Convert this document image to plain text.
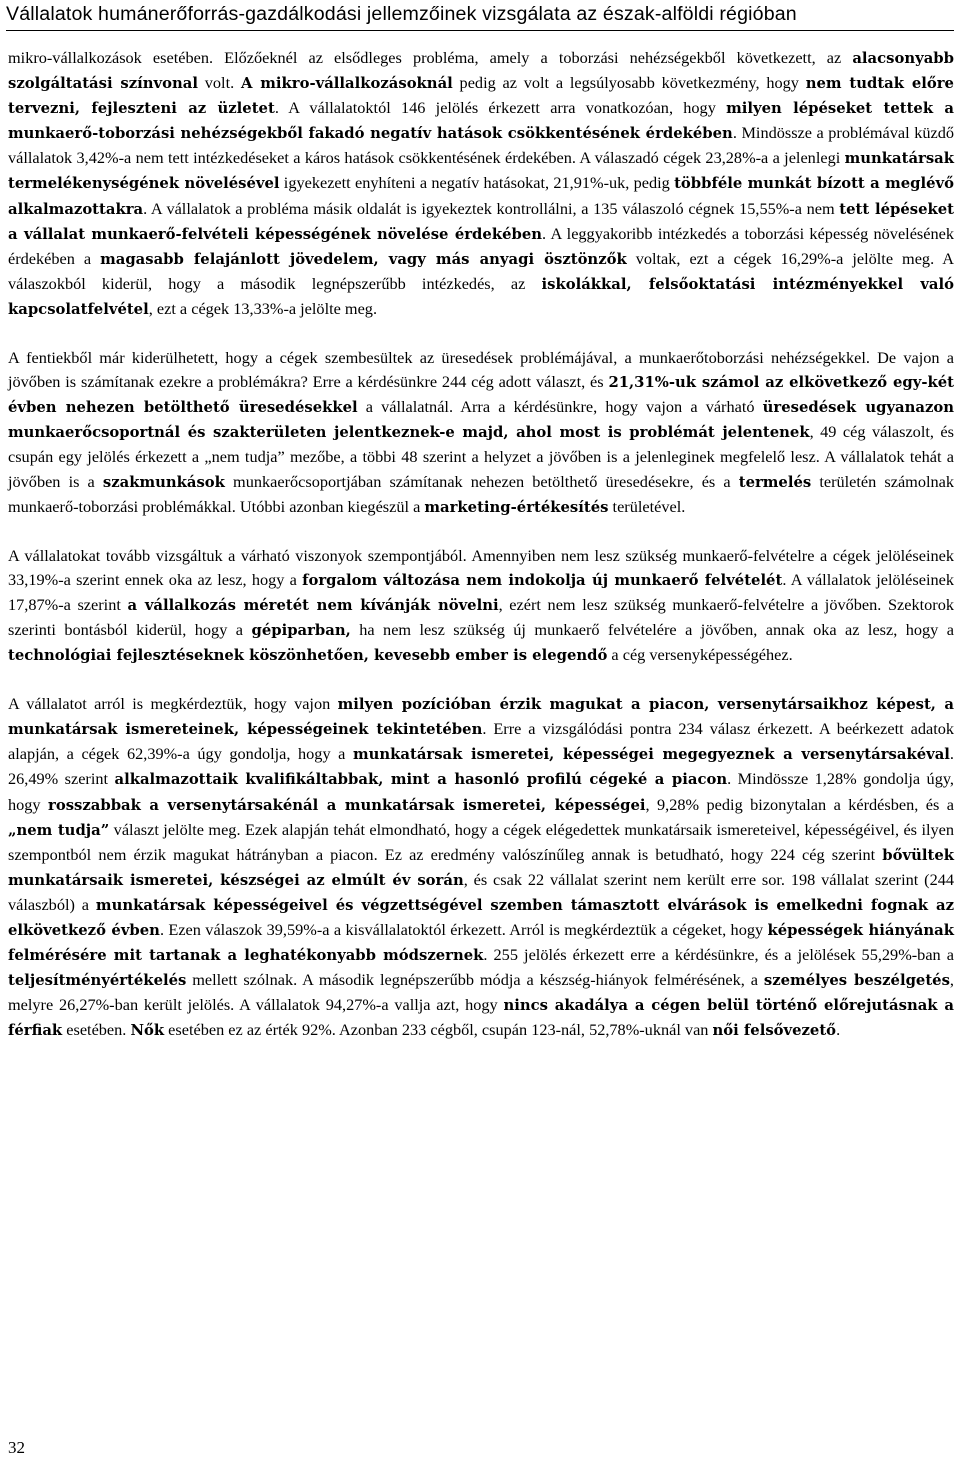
Vállalatok humánerőforrás-gazdálkodási jellemzőinek vizsgálata az észak-alföldi régióban

mikro-vállalkozások esetében. Előzőeknél az elsődleges probléma, amely a toborzási nehézségekből következett, az alacsonyabb szolgáltatási színvonal volt. A mikro-vállalkozásoknál pedig az volt a legsúlyosabb következmény, hogy nem tudtak előre tervezni, fejleszteni az üzletet. A vállalatoktól 146 jelölés érkezett arra vonatkozóan, hogy milyen lépéseket tettek a munkaerő-toborzási nehézségekből fakadó negatív hatások csökkentésének érdekében. Mindössze a problémával küzdő vállalatok 3,42%-a nem tett intézkedéseket a káros hatások csökkentésének érdekében. A válaszadó cégek 23,28%-a a jelenlegi munkatársak termelékenységének növelésével igyekezett enyhíteni a negatív hatásokat, 21,91%-uk, pedig többféle munkát bízott a meglévő alkalmazottakra. A vállalatok a probléma másik oldalát is igyekeztek kontrollálni, a 135 válaszoló cégnek 15,55%-a nem tett lépéseket a vállalat munkaerő-felvételi képességének növelése érdekében. A leggyakoribb intézkedés a toborzási képesség növelésének érdekében a magasabb felajánlott jövedelem, vagy más anyagi ösztönzők voltak, ezt a cégek 16,29%-a jelölte meg. A válaszokból kiderül, hogy a második legnépszerűbb intézkedés, az iskolákkal, felsőoktatási intézményekkel való kapcsolatfelvétel, ezt a cégek 13,33%-a jelölte meg.

A fentiekből már kiderülhetett, hogy a cégek szembesültek az üresedések problémájával, a munkaerőtoborzási nehézségekkel. De vajon a jövőben is számítanak ezekre a problémákra? Erre a kérdésünkre 244 cég adott választ, és 21,31%-uk számol az elkövetkező egy-két évben nehezen betölthető üresedésekkel a vállalatnál. Arra a kérdésünkre, hogy vajon a várható üresedések ugyanazon munkaerőcsoportnál és szakterületen jelentkeznek-e majd, ahol most is problémát jelentenek, 49 cég válaszolt, és csupán egy jelölés érkezett a „nem tudja” mezőbe, a többi 48 szerint a helyzet a jövőben is a jelenleginek megfelelő lesz. A vállalatok tehát a jövőben is a szakmunkások munkaerőcsoportjában számítanak nehezen betölthető üresedésekre, és a termelés területén számolnak munkaerő-toborzási problémákkal. Utóbbi azonban kiegészül a marketing-értékesítés területével.

A vállalatokat tovább vizsgáltuk a várható viszonyok szempontjából. Amennyiben nem lesz szükség munkaerő-felvételre a cégek jelöléseinek 33,19%-a szerint ennek oka az lesz, hogy a forgalom változása nem indokolja új munkaerő felvételét. A vállalatok jelöléseinek 17,87%-a szerint a vállalkozás méretét nem kívánják növelni, ezért nem lesz szükség munkaerő-felvételre a jövőben. Szektorok szerinti bontásból kiderül, hogy a gépiparban, ha nem lesz szükség új munkaerő felvételére a jövőben, annak oka az lesz, hogy a technológiai fejlesztéseknek köszönhetően, kevesebb ember is elegendő a cég versenyképességéhez.

A vállalatot arról is megkérdeztük, hogy vajon milyen pozícióban érzik magukat a piacon, versenytársaikhoz képest, a munkatársak ismereteinek, képességeinek tekintetében. Erre a vizsgálódási pontra 234 válasz érkezett. A beérkezett adatok alapján, a cégek 62,39%-a úgy gondolja, hogy a munkatársak ismeretei, képességei megegyeznek a versenytársakéval. 26,49% szerint alkalmazottaik kvalifikáltabbak, mint a hasonló profilú cégeké a piacon. Mindössze 1,28% gondolja úgy, hogy rosszabbak a versenytársakénál a munkatársak ismeretei, képességei, 9,28% pedig bizonytalan a kérdésben, és a „nem tudja” választ jelölte meg. Ezek alapján tehát elmondható, hogy a cégek elégedettek munkatársaik ismereteivel, képességéivel, és ilyen szempontból nem érzik magukat hátrányban a piacon. Ez az eredmény valószínűleg annak is betudható, hogy 224 cég szerint bővültek munkatársaik ismeretei, készségei az elmúlt év során, és csak 22 vállalat szerint nem került erre sor. 198 vállalat szerint (244 válaszból) a munkatársak képességeivel és végzettségével szemben támasztott elvárások is emelkedni fognak az elkövetkező évben. Ezen válaszok 39,59%-a a kisvállalatoktól érkezett. Arról is megkérdeztük a cégeket, hogy képességek hiányának felmérésére mit tartanak a leghatékonyabb módszernek. 255 jelölés érkezett erre a kérdésünkre, és a jelölések 55,29%-ban a teljesítményértékelés mellett szólnak. A második legnépszerűbb módja a készség-hiányok felmérésének, a személyes beszélgetés, melyre 26,27%-ban került jelölés. A vállalatok 94,27%-a vallja azt, hogy nincs akadálya a cégen belül történő előrejutásnak a férfiak esetében. Nők esetében ez az érték 92%. Azonban 233 cégből, csupán 123-nál, 52,78%-uknál van női felsővezető.

32
